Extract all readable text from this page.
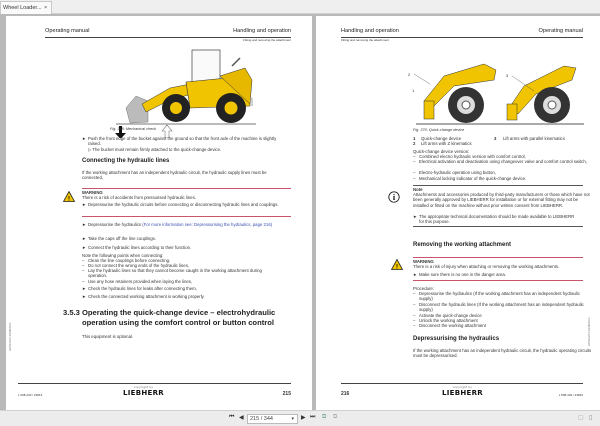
Wheel Loader... ×
Operating manual	Handling and operation
Fitting and removing the attachment
400065
Fig. 368: Mechanical check
► Push the front edge of the bucket against the ground so that the front axle of the machine is slightly raised.
▷ The bucket must remain firmly attached to the quick-change device.
Connecting the hydraulic lines
If the working attachment has an independent hydraulic circuit, the hydraulic supply lines must be connected,
!
WARNING
There is a risk of accidents from pressurised hydraulic lines.
► Depressurise the hydraulic circuits before connecting or disconnecting hydraulic lines and couplings.
► Depressurise the hydraulics (For more information see: Depressurising the hydraulics, page 216)
► Take the caps off the line couplings.
► Connect the hydraulic lines according to their function.
Note the following points when connecting:
– Clean the line couplings before connecting.
– Do not connect the wrong ends of the hydraulic lines,
– Lay the hydraulic lines so that they cannot become caught in the working attachment during operation,
– Use any hose retainers provided when laying the lines,
► Check the hydraulic lines for leaks after connecting them,
► Check the connected working attachment is working properly.
3.5.3 Operating the quick-change device – electrohydraulic operation using the comfort control or button control
This equipment is optional.
LWT/EN/3.5.3/23816/CA
L 508-433 / 23816
copyright by
LIEBHERR	215
Handling and operation	Operating manual
Fitting and removing the attachment
2
1
3
Fig. 370: Quick-change device
1 Quick-change device
2 Lift arms with Z kinematics
3 Lift arms with parallel kinematics
Quick-change device version:
– Combined electro hydraulic version with comfort control,
– Electrical activation and deactivation using changeover valve and comfort control switch,
– Electro-hydraulic operation using button,
– Mechanical locking indicator of the quick-change device.
i
Note
Attachments and accessories produced by third-party manufacturers or those which have not been generally approved by LIEBHERR for installation or for external fitting may not be installed or fitted on the machine without prior written consent from LIEBHERR.
► The appropriate technical documentation should be made available to LIEBHERR for this purpose.
Removing the working attachment
!
WARNING
There is a risk of injury when attaching or removing the working attachments.
► Make sure there is no one in the danger area.
Procedure:
– Depressurise the hydraulics (If the working attachment has an independent hydraulic supply)
– Disconnect the hydraulic lines (If the working attachment has an independent hydraulic supply)
– Activate the quick-change device
– Unlock the working attachment
– Disconnect the working attachment
Depressurising the hydraulics
If the working attachment has an independent hydraulic circuit, the hydraulic operating circuits must be depressurised.
LWT/EN/3.5.3/23816/CA
216
copyright by
LIEBHERR	L 508-433 / 23816
⏮ ◀	215 / 344	▾ ▶ ⏭ ⧉ ⧉	▢ ▯
